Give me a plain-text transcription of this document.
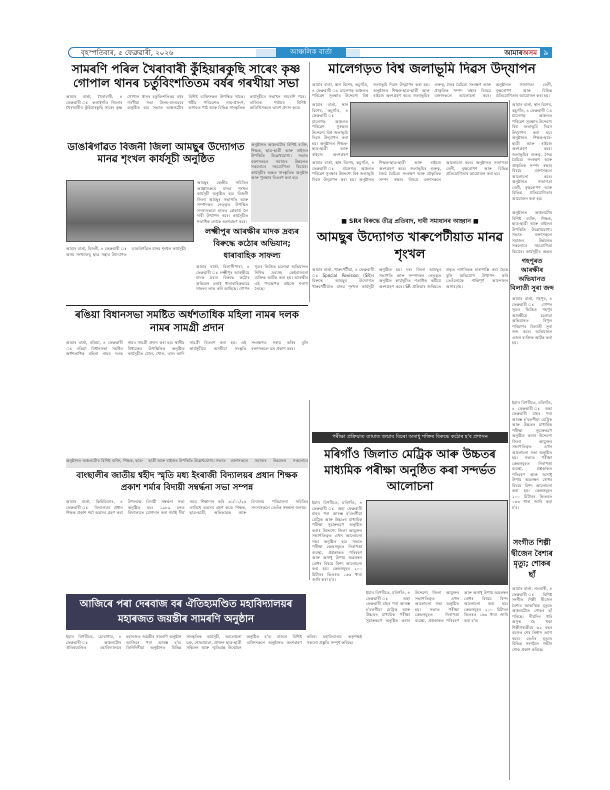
বৃহস্পতিবাৰ, ৫ ফেব্ৰুৱাৰী, ২০২৬	আঞ্চলিক বাৰ্তা	আমাৰঅসম ৯
সামৰণি পৰিল খৈৰাবাৰী কুঁহিয়াৰকুছি সাৰেং কৃষ্ণ গোপাল থানৰ চৰ্তুবিংশতিতম বৰ্ষৰ গৰখীয়া সভা
আমাৰ বাৰ্তা, খৈৰাবাৰী, ৪ ফেব্ৰুৱাৰী ঃ কলাইগাঁও জিলাৰ খৈৰাবাৰীৰ কুঁহিয়াৰকুছি সাৰেং কৃষ্ণ গোপাল থানৰ চৰ্তুবিংশতিতম বৰ্ষৰ গৰখীয়া সভা উলহ-মালহেৰে অনুষ্ঠিত হয়। সভাত অঞ্চলটোৰ বিশিষ্ট ব্যক্তিসকল উপস্থিত থাকে। ধৰ্মীয় পৰিৱেশত নাম-প্ৰসংগ, ভাগৱত পাঠ আৰু বিভিন্ন সাংস্কৃতিক কাৰ্যসূচীৰে সভাখন সামৰণি পৰে। ৰাজ্যিক পৰ্যায়ৰ বিশিষ্ট অতিথিসকলে ভাষণ প্ৰদান কৰে।
ডাঙৰিগাঁৱত বিজনী জিলা আমছুৰ উদ্যোগত মানৱ শৃংখল কাৰ্যসূচী অনুষ্ঠিত
আমছুৰ কেন্দ্ৰীয় সমিতিৰ আহ্বানক্ৰমে মানৱ শৃংখল কাৰ্যসূচী অনুষ্ঠিত হয়। বিজনী জিলা আমছুৰ সভাপতি আৰু সম্পাদকৰ নেতৃত্বত উপস্থিত সদস্যসকলে হাতত প্লেকাৰ্ড লৈ দাবী উত্থাপন কৰে। কাৰ্যসূচীত শতাধিক লোকে অংশগ্ৰহণ কৰে।
আমাৰ বাৰ্তা, বিজনী, ৪ ফেব্ৰুৱাৰী ঃ অসম সংখ্যালঘু ছাত্ৰ সন্থাৰ উদ্যোগত ডাঙৰিগাঁৱত মানৱ শৃংখল কাৰ্যসূচী।
অনুষ্ঠানত অঞ্চলটোৰ বিশিষ্ট ব্যক্তি, শিক্ষক, ছাত্ৰ-ছাত্ৰী আৰু ৰাইজৰ উপস্থিতি উল্লেখযোগ্য। সভাত বক্তাসকলে সমাজৰ উন্নয়নত সকলোৰে সহযোগিতা বিচাৰে। কাৰ্যসূচীৰ অন্তত সাংস্কৃতিক অনুষ্ঠান আৰু পুৰস্কাৰ বিতৰণ কৰা হয়।
লক্ষ্মীপুৰ আৰক্ষীৰ মাদক দ্ৰব্যৰ বিৰুদ্ধে কঠোৰ অভিযান; ধাৰাবাহিক সাফল্য
আমাৰ বাৰ্তা, বিলাসীপাৰা, ৪ ফেব্ৰুৱাৰী ঃ লক্ষ্মীপুৰ আৰক্ষীয়ে মাদক দ্ৰব্যৰ বিৰুদ্ধে কঠোৰ অভিযান চলাই ধাৰাবাহিকভাৱে সাফল্য লাভ কৰি আহিছে। গোপন সূত্ৰৰ ভিত্তিত চলোৱা অভিযানত নিষিদ্ধ দ্ৰব্যসহ কেইবাজনো ব্যক্তিক আটক কৰা হয়। আৰক্ষীৰ এই পদক্ষেপক ৰাইজে শলাগ লৈছে।
মালেগড়ত বিশ্ব জলাভূমি দিৱস উদ্‌যাপন
আমাৰ বাৰ্তা, স্থান বিশেষ, কচুগাঁও, ৪ ফেব্ৰুৱাৰী ঃ মালেগড় অঞ্চলত পৰিৱেশ সুৰক্ষাৰ উদ্দেশ্যে বিশ্ব জলাভূমি দিৱস উদ্‌যাপন কৰা হয়। অনুষ্ঠানত শিক্ষক-ছাত্ৰ-ছাত্ৰী আৰু ৰাইজে অংশগ্ৰহণ কৰে। জলাভূমিৰ গুৰুত্ব, জৈৱ বৈচিত্ৰ্য সংৰক্ষণ আৰু প্ৰাকৃতিক সম্পদ ৰক্ষাৰ বিষয়ে বক্তাসকলে আলোচনা কৰে। অনুষ্ঠানত সজাগতা ৰেলী, বৃক্ষৰোপণ আৰু বিভিন্ন প্ৰতিযোগিতাৰ আয়োজন কৰা হয়।
আমাৰ বাৰ্তা, স্থান বিশেষ, কচুগাঁও, ৪ ফেব্ৰুৱাৰী ঃ মালেগড় অঞ্চলত পৰিৱেশ সুৰক্ষাৰ উদ্দেশ্যে বিশ্ব জলাভূমি দিৱস উদ্‌যাপন কৰা হয়। অনুষ্ঠানত শিক্ষক-ছাত্ৰ-ছাত্ৰী আৰু ৰাইজে অংশগ্ৰহণ
আমাৰ বাৰ্তা, স্থান বিশেষ, কচুগাঁও, ৪ ফেব্ৰুৱাৰী ঃ মালেগড় অঞ্চলত পৰিৱেশ সুৰক্ষাৰ উদ্দেশ্যে বিশ্ব জলাভূমি দিৱস উদ্‌যাপন কৰা হয়। অনুষ্ঠানত শিক্ষক-ছাত্ৰ-ছাত্ৰী আৰু ৰাইজে অংশগ্ৰহণ কৰে। জলাভূমিৰ গুৰুত্ব, জৈৱ বৈচিত্ৰ্য সংৰক্ষণ আৰু প্ৰাকৃতিক সম্পদ ৰক্ষাৰ বিষয়ে বক্তাসকলে আলোচনা কৰে। অনুষ্ঠানত সজাগতা ৰেলী, বৃক্ষৰোপণ আৰু বিভিন্ন প্ৰতিযোগিতাৰ আয়োজন কৰা হয়।
আমাৰ বাৰ্তা, স্থান বিশেষ, কচুগাঁও, ৪ ফেব্ৰুৱাৰী ঃ মালেগড় অঞ্চলত পৰিৱেশ সুৰক্ষাৰ উদ্দেশ্যে বিশ্ব জলাভূমি দিৱস উদ্‌যাপন কৰা হয়। অনুষ্ঠানত শিক্ষক-ছাত্ৰ-ছাত্ৰী আৰু ৰাইজে অংশগ্ৰহণ কৰে। জলাভূমিৰ গুৰুত্ব, জৈৱ বৈচিত্ৰ্য সংৰক্ষণ আৰু প্ৰাকৃতিক সম্পদ ৰক্ষাৰ বিষয়ে বক্তাসকলে আলোচনা কৰে। অনুষ্ঠানত সজাগতা ৰেলী, বৃক্ষৰোপণ আৰু বিভিন্ন প্ৰতিযোগিতাৰ আয়োজন কৰা হয়।
■ SRৰ বিৰুদ্ধে তীব্ৰ প্ৰতিবাদ, দাবী সমাধানৰ আহ্বান ■
আমছুৰ উদ্যোগত খাৰুপেটীয়াত মানৱ শৃংখল
আমাৰ বাৰ্তা, খাৰুপেটীয়া, ৪ ফেব্ৰুৱাৰী ঃ Special Revision (SR)ৰ বিৰুদ্ধে আমছুৰ উদ্যোগত খাৰুপেটীয়াত মানৱ শৃংখল কাৰ্যসূচী অনুষ্ঠিত হয়। দৰং জিলা আমছুৰ সভাপতি আৰু সম্পাদকৰ নেতৃত্বত অনুষ্ঠিত কাৰ্যসূচীত শতাধিক কৰ্মীয়ে অংশগ্ৰহণ কৰে। SR প্ৰক্ৰিয়াৰ জৰিয়তে প্ৰকৃত নাগৰিকক হাৰাশাস্তি কৰা হৈছে বুলি অভিযোগ উত্থাপন কৰি তেওঁলোকে শান্তিপূৰ্ণ আন্দোলন আগবঢ়ায়।
অনুষ্ঠানত অঞ্চলটোৰ বিশিষ্ট ব্যক্তি, শিক্ষক, ছাত্ৰ-ছাত্ৰী আৰু ৰাইজৰ উপস্থিতি উল্লেখযোগ্য। সভাত বক্তাসকলে সমাজৰ উন্নয়নত সকলোৰে সহযোগিতা বিচাৰে। কাৰ্যসূচীৰ অন্তত
গহপুৰত আৰক্ষীৰ অভিযানত বিলাতী সুৰা জব্দ
আমাৰ বাৰ্তা, গহপুৰ, ৪ ফেব্ৰুৱাৰী ঃ গোপন সূত্ৰৰ ভিত্তিত গহপুৰ আৰক্ষীয়ে চলোৱা অভিযানত বিপুল পৰিমাণৰ বিলাতী সুৰা জব্দ কৰে। অভিযানত এজন ব্যক্তিক আটক কৰা হয়।
ৰঙিয়া বিধানসভা সমষ্টিত অৰ্ধশতাধিক মহিলা নামৰ দলক নামৰ সামগ্ৰী প্ৰদান
আমাৰ বাৰ্তা, ৰঙিয়া, ৪ ফেব্ৰুৱাৰী ঃ ৰঙিয়া বিধানসভা সমষ্টিৰ অৰ্ধশতাধিক মহিলা নামৰ দলক নামৰ সামগ্ৰী প্ৰদান কৰা হয়। স্থানীয় বিধায়কৰ উপস্থিতিত অনুষ্ঠিত কাৰ্যসূচীত ঢোল, খোল, তাল আদি সামগ্ৰী বিতৰণ কৰা হয়। এই কাৰ্যসূচীয়ে অসমীয়া সংস্কৃতি সংৰক্ষণত সহায় কৰিব বুলি বক্তাসকলে মত প্ৰকাশ কৰে।
অনুষ্ঠানত অঞ্চলটোৰ বিশিষ্ট ব্যক্তি, শিক্ষক, ছাত্ৰ-ছাত্ৰী আৰু ৰাইজৰ উপস্থিতি উল্লেখযোগ্য। সভাত বক্তাসকলে সমাজৰ উন্নয়নত সকলোৰে
বাংছালীৰ জাতীয় শ্বহীদ স্মৃতি মধ্য ইংৰাজী বিদ্যালয়ৰ প্ৰধান শিক্ষক প্ৰকাশ শৰ্মাৰ বিদায়ী সম্বৰ্দ্ধনা সভা সম্পন্ন
আমাৰ বাৰ্তা, কিচিচিজাৰ, ৪ ফেব্ৰুৱাৰী ঃ বিদ্যালয়ৰ প্ৰধান শিক্ষক প্ৰকাশ শৰ্মা অৱসৰ গ্ৰহণ কৰা উপলক্ষে বিদায়ী সম্বৰ্দ্ধনা সভা অনুষ্ঠিত হয়। ১৯৮৯ চনত বিদ্যালয়ত যোগদান কৰা শৰ্মাই দীৰ্ঘ সময় শিক্ষাদান কৰি ৩১/০১/২৬ তাৰিখে অৱসৰ গ্ৰহণ কৰে। শিক্ষক, ছাত্ৰ-ছাত্ৰী, অভিভাৱক আৰু বিদ্যালয় পৰিচালনা সমিতিৰ সদস্যসকলে তেওঁক সম্বৰ্দ্ধনা জনায়।
পৰীক্ষা প্ৰক্ৰিয়াত ব্যাঘাত জন্মাব বিচৰা অসাধু শক্তিৰ বিৰুদ্ধে কঠোৰ হ'ব প্ৰশাসন
মৰিগাঁও জিলাত মেট্ৰিক আৰু উচ্চতৰ মাধ্যমিক পৰীক্ষা অনুষ্ঠিত কৰা সন্দৰ্ভত আলোচনা
ইয়াৰ বিপৰীতে, মৰিগাঁও, ৪ ফেব্ৰুৱাৰী ঃ অহা ফেব্ৰুৱাৰী মাহৰ পৰা আৰম্ভ হ'বলগীয়া মেট্ৰিক আৰু উচ্চতৰ মাধ্যমিক পৰীক্ষা সুচাৰুৰূপে অনুষ্ঠিত কৰাৰ উদ্দেশ্যে জিলা আয়ুক্তৰ সভাপতিত্বত এখন আলোচনা সভা অনুষ্ঠিত হয়। সভাত পৰীক্ষা কেন্দ্ৰসমূহত নিৰাপত্তা ব্যৱস্থা, প্ৰশ্নকাকত পৰিবহণ আৰু অসাধু উপায় অৱলম্বন ৰোধৰ বিষয়ে বিশদ আলোচনা কৰা হয়। কেন্দ্ৰসমূহৰ ২০০ মিটাৰৰ ভিতৰত ১৬৩ ধাৰা জাৰি কৰা হ'ব।
ইয়াৰ বিপৰীতে, মৰিগাঁও, ৪ ফেব্ৰুৱাৰী ঃ অহা ফেব্ৰুৱাৰী মাহৰ পৰা আৰম্ভ হ'বলগীয়া মেট্ৰিক আৰু উচ্চতৰ মাধ্যমিক পৰীক্ষা সুচাৰুৰূপে অনুষ্ঠিত কৰাৰ উদ্দেশ্যে জিলা আয়ুক্তৰ সভাপতিত্বত এখন আলোচনা সভা অনুষ্ঠিত হয়। সভাত পৰীক্ষা কেন্দ্ৰসমূহত নিৰাপত্তা ব্যৱস্থা, প্ৰশ্নকাকত পৰিবহণ আৰু অসাধু উপায় অৱলম্বন ৰোধৰ বিষয়ে বিশদ আলোচনা কৰা হয়। কেন্দ্ৰসমূহৰ ২০০ মিটাৰৰ ভিতৰত ১৬৩ ধাৰা জাৰি কৰা হ'ব।
ইয়াৰ বিপৰীতে, মৰিগাঁও, ৪ ফেব্ৰুৱাৰী ঃ অহা ফেব্ৰুৱাৰী মাহৰ পৰা আৰম্ভ হ'বলগীয়া মেট্ৰিক আৰু উচ্চতৰ মাধ্যমিক পৰীক্ষা সুচাৰুৰূপে অনুষ্ঠিত কৰাৰ উদ্দেশ্যে জিলা আয়ুক্তৰ সভাপতিত্বত এখন আলোচনা সভা অনুষ্ঠিত হয়। সভাত পৰীক্ষা কেন্দ্ৰসমূহত নিৰাপত্তা ব্যৱস্থা, প্ৰশ্নকাকত পৰিবহণ আৰু অসাধু উপায় অৱলম্বন ৰোধৰ বিষয়ে বিশদ আলোচনা কৰা হয়। কেন্দ্ৰসমূহৰ ২০০ মিটাৰৰ ভিতৰত ১৬৩ ধাৰা জাৰি কৰা হ'ব।
সংগীত শিল্পী দ্বীজেন বৈশ্যৰ মৃত্যু; শোকৰ ছাঁ
আমাৰ বাৰ্তা, নলবাৰী, ৪ ফেব্ৰুৱাৰী ঃ বিশিষ্ট সংগীত শিল্পী দ্বীজেন বৈশ্যৰ আকস্মিক মৃত্যুত অঞ্চলটোত শোকৰ ছাঁ পৰিছে। দীৰ্ঘদিন ধৰি অসুস্থ হৈ থকা শিল্পীগৰাকীয়ে ৬২ বছৰ বয়সত শেষ নিশ্বাস ত্যাগ কৰে। তেওঁৰ মৃত্যুত বিভিন্ন সংগঠনে গভীৰ শোক প্ৰকাশ কৰিছে।
আজিৰে পৰা দেৰবাজ বৰ ঐতিহ্যমণ্ডিত মহাবিদ্যালয়ৰ মহাৰজত জয়ন্তীৰ সামৰণি অনুষ্ঠান
ইয়াৰ বিপৰীতে, চোৰাগাম, ৪ ফেব্ৰুৱাৰী ঃ অঞ্চলটোৰ ঐতিহ্যমণ্ডিত মহাবিদ্যালয়ৰ মহাৰজত জয়ন্তীৰ সামৰণি অনুষ্ঠান আজিৰে পৰা আৰম্ভ হ'ব। তিনিদিনীয়া অনুষ্ঠানত বিভিন্ন সাংস্কৃতিক কাৰ্যসূচী, আলোচনা চক্ৰ, শোভাযাত্ৰা, প্ৰাক্তন ছাত্ৰ-ছাত্ৰী সন্মিলন আৰু স্মৃতিগ্ৰন্থ উন্মোচন অনুষ্ঠিত হ'ব। ৰাজ্যৰ বিশিষ্ট ব্যক্তিসকলে অনুষ্ঠানত অংশগ্ৰহণ কৰিব। মহাবিদ্যালয় কৰ্তৃপক্ষই সকলো প্ৰস্তুতি সম্পূৰ্ণ কৰিছে।
